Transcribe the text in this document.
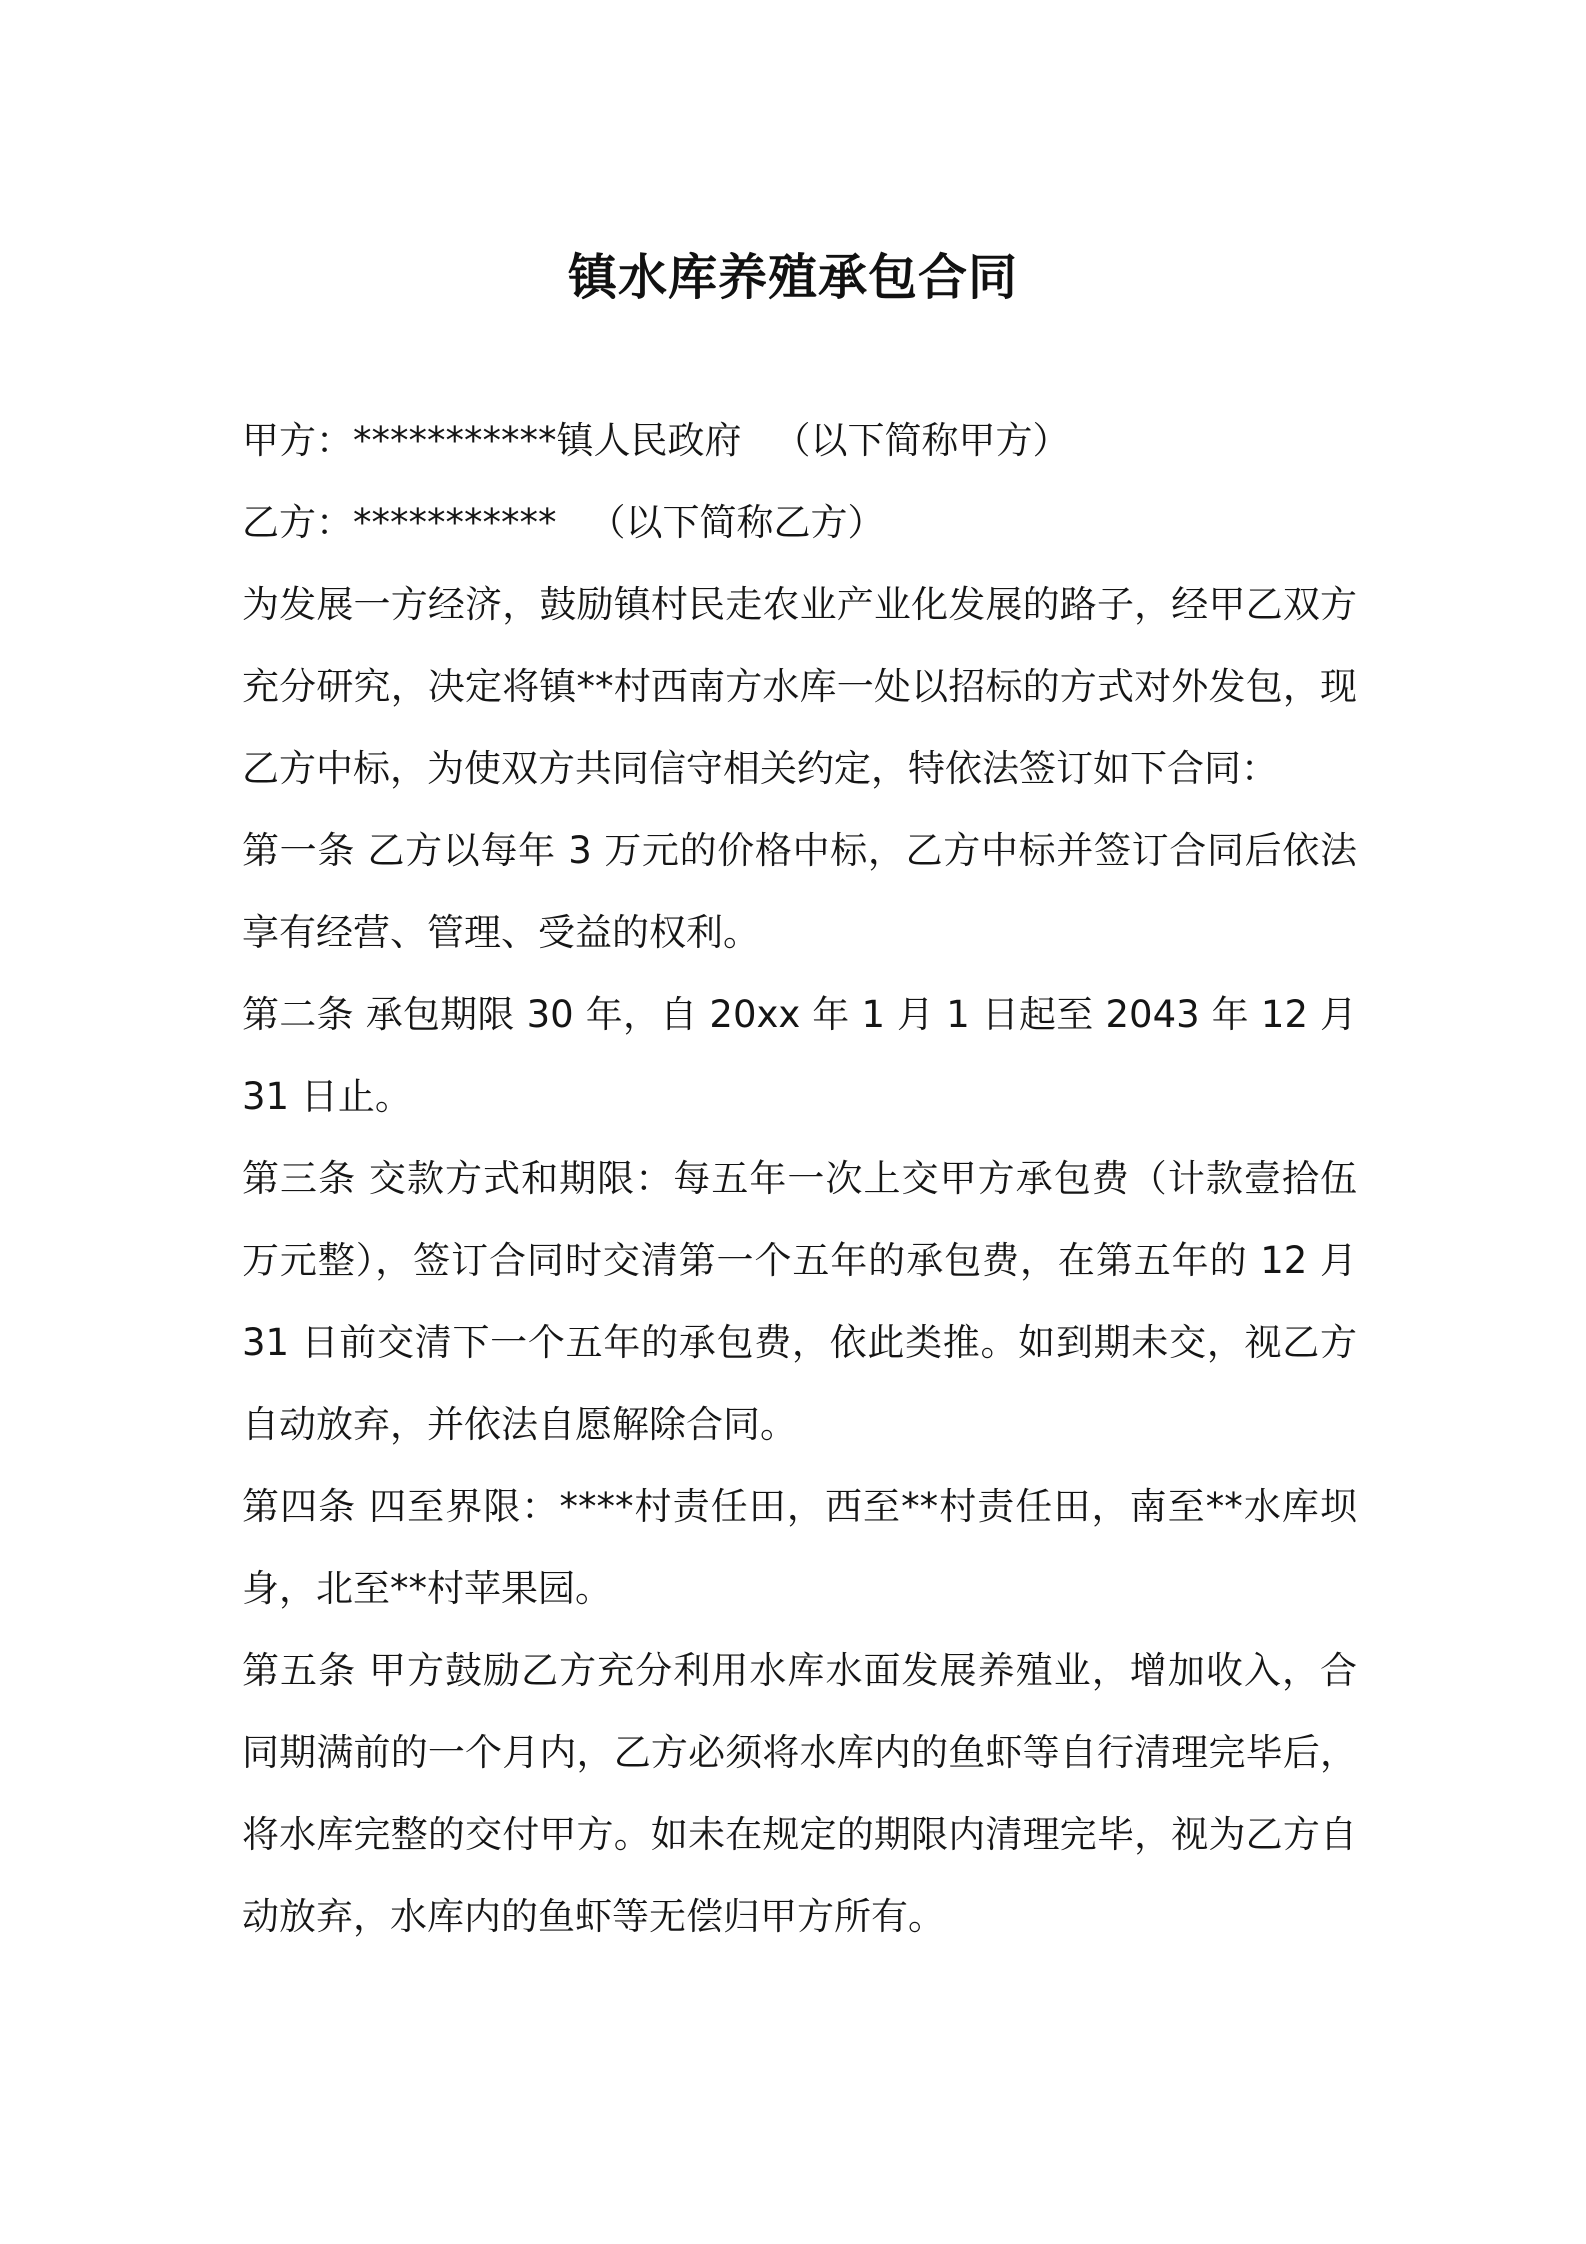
镇水库养殖承包合同

甲方：***********镇人民政府 （以下简称甲方）

乙方：*********** （以下简称乙方）

为发展一方经济，鼓励镇村民走农业产业化发展的路子，经甲乙双方充分研究，决定将镇**村西南方水库一处以招标的方式对外发包，现乙方中标，为使双方共同信守相关约定，特依法签订如下合同：

第一条 乙方以每年 3 万元的价格中标，乙方中标并签订合同后依法享有经营、管理、受益的权利。

第二条 承包期限 30 年，自 20xx 年 1 月 1 日起至 2043 年 12 月 31 日止。

第三条 交款方式和期限：每五年一次上交甲方承包费（计款壹拾伍万元整），签订合同时交清第一个五年的承包费，在第五年的 12 月 31 日前交清下一个五年的承包费，依此类推。如到期未交，视乙方自动放弃，并依法自愿解除合同。

第四条 四至界限：****村责任田，西至**村责任田，南至**水库坝身，北至**村苹果园。

第五条 甲方鼓励乙方充分利用水库水面发展养殖业，增加收入，合同期满前的一个月内，乙方必须将水库内的鱼虾等自行清理完毕后，将水库完整的交付甲方。如未在规定的期限内清理完毕，视为乙方自动放弃，水库内的鱼虾等无偿归甲方所有。
